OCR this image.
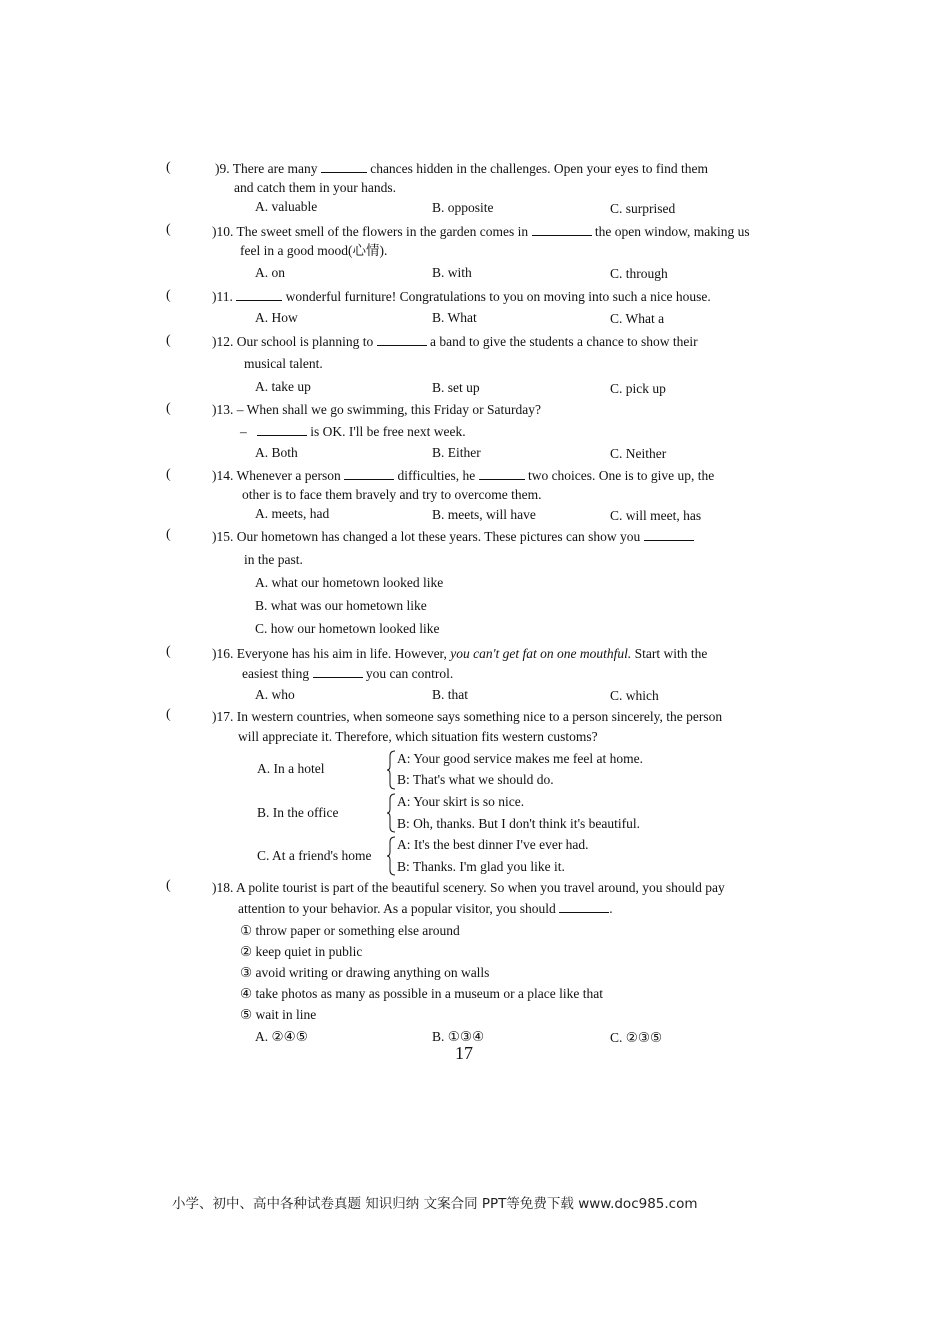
(	)9. There are many	chances hidden in the challenges. Open your eyes to find them
and catch them in your hands.
A. valuable	B. opposite	C. surprised
(	)10. The sweet smell of the flowers in the garden comes in	the open window, making us
feel in a good mood(心情).
A. on	B. with	C. through
(	)11.	wonderful furniture! Congratulations to you on moving into such a nice house.
A. How	B. What	C. What a
(	)12. Our school is planning to	a band to give the students a chance to show their
musical talent.
A. take up	B. set up	C. pick up
(	)13. – When shall we go swimming, this Friday or Saturday?
–	is OK. I'll be free next week.
A. Both	B. Either	C. Neither
(	)14. Whenever a person	difficulties, he	two choices. One is to give up, the
other is to face them bravely and try to overcome them.
A. meets, had	B. meets, will have	C. will meet, has
(	)15. Our hometown has changed a lot these years. These pictures can show you
in the past.
A. what our hometown looked like
B. what was our hometown like
C. how our hometown looked like
(	)16. Everyone has his aim in life. However, you can't get fat on one mouthful. Start with the
easiest thing	you can control.
A. who	B. that	C. which
(	)17. In western countries, when someone says something nice to a person sincerely, the person
will appreciate it. Therefore, which situation fits western customs?
A. In a hotel
A: Your good service makes me feel at home.
B: That's what we should do.
B. In the office
A: Your skirt is so nice.
B: Oh, thanks. But I don't think it's beautiful.
C. At a friend's home
A: It's the best dinner I've ever had.
B: Thanks. I'm glad you like it.
(	)18. A polite tourist is part of the beautiful scenery. So when you travel around, you should pay
attention to your behavior. As a popular visitor, you should	.
① throw paper or something else around
② keep quiet in public
③ avoid writing or drawing anything on walls
④ take photos as many as possible in a museum or a place like that
⑤ wait in line
A. ②④⑤	B. ①③④	C. ②③⑤
17
小学、初中、高中各种试卷真题 知识归纳 文案合同 PPT等免费下载 www.doc985.com
